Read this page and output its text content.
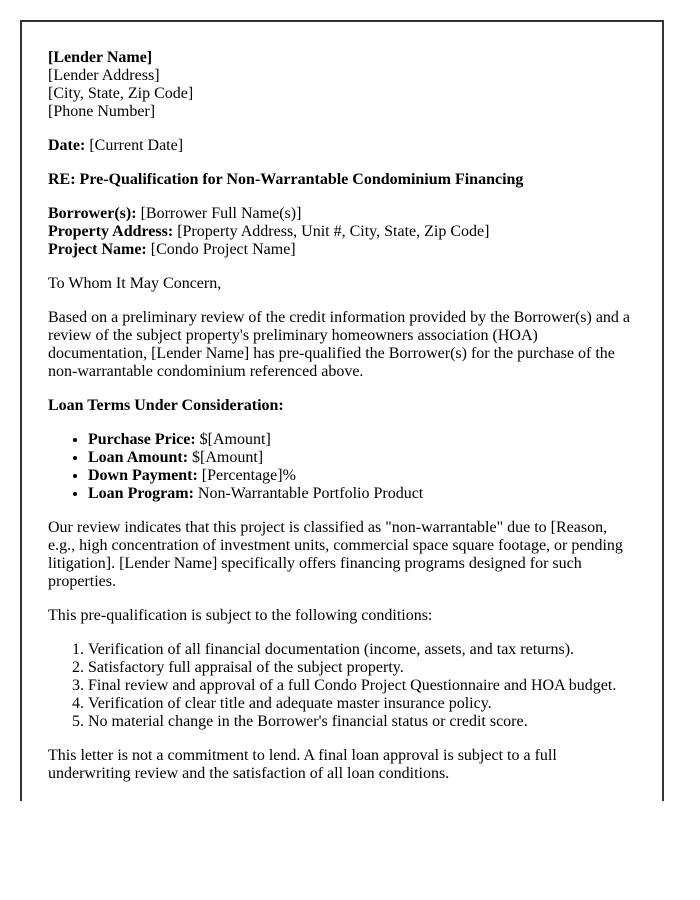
[Lender Name]
[Lender Address]
[City, State, Zip Code]
[Phone Number]

Date: [Current Date]

RE: Pre-Qualification for Non-Warrantable Condominium Financing

Borrower(s): [Borrower Full Name(s)]
Property Address: [Property Address, Unit #, City, State, Zip Code]
Project Name: [Condo Project Name]

To Whom It May Concern,

Based on a preliminary review of the credit information provided by the Borrower(s) and a review of the subject property's preliminary homeowners association (HOA) documentation, [Lender Name] has pre-qualified the Borrower(s) for the purchase of the non-warrantable condominium referenced above.

Loan Terms Under Consideration:

• Purchase Price: $[Amount]
• Loan Amount: $[Amount]
• Down Payment: [Percentage]%
• Loan Program: Non-Warrantable Portfolio Product

Our review indicates that this project is classified as "non-warrantable" due to [Reason, e.g., high concentration of investment units, commercial space square footage, or pending litigation]. [Lender Name] specifically offers financing programs designed for such properties.

This pre-qualification is subject to the following conditions:

1. Verification of all financial documentation (income, assets, and tax returns).
2. Satisfactory full appraisal of the subject property.
3. Final review and approval of a full Condo Project Questionnaire and HOA budget.
4. Verification of clear title and adequate master insurance policy.
5. No material change in the Borrower's financial status or credit score.

This letter is not a commitment to lend. A final loan approval is subject to a full underwriting review and the satisfaction of all loan conditions.
